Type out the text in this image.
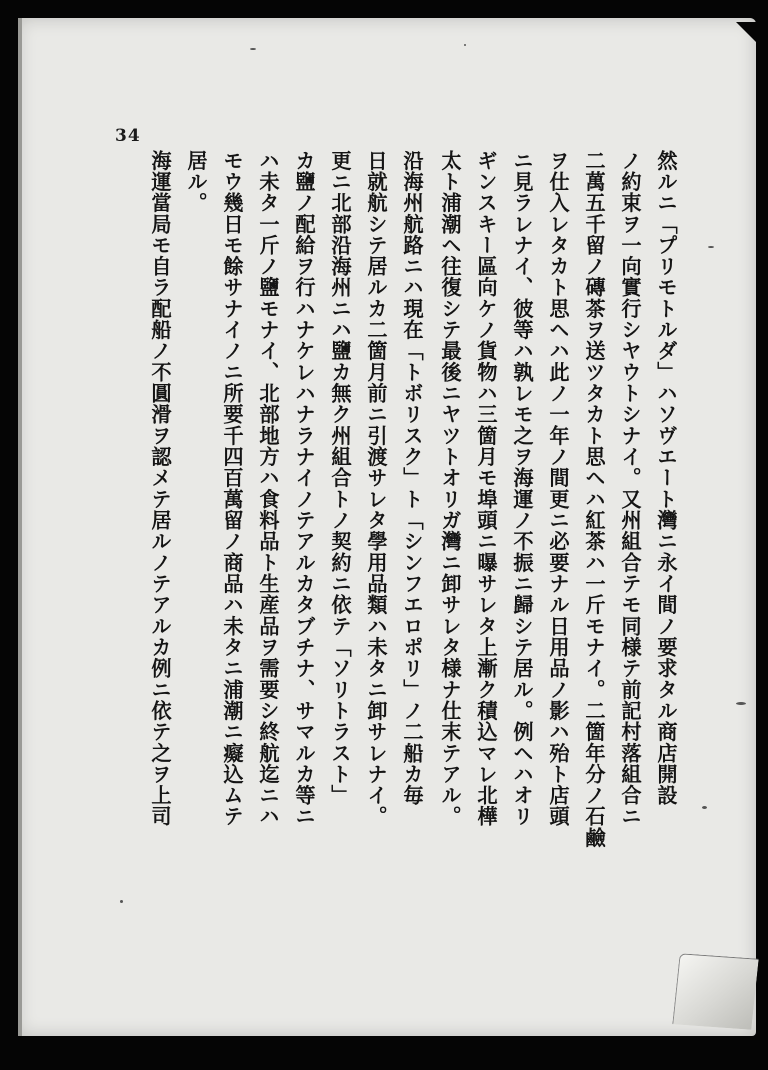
34
然ルニ「プリモトルダ」ハソヴエート灣ニ永イ間ノ要求タル商店開設
ノ約束ヲ一向實行シヤウトシナイ。又州組合テモ同様テ前記村落組合ニ
二萬五千留ノ磚茶ヲ送ツタカト思ヘハ紅茶ハ一斤モナイ。二箇年分ノ石鹼
ヲ仕入レタカト思ヘハ此ノ一年ノ間更ニ必要ナル日用品ノ影ハ殆ト店頭
ニ見ラレナイ、彼等ハ孰レモ之ヲ海運ノ不振ニ歸シテ居ル。例ヘハオリ
ギンスキー區向ケノ貨物ハ三箇月モ埠頭ニ曝サレタ上漸ク積込マレ北樺
太ト浦潮ヘ往復シテ最後ニヤツトオリガ灣ニ卸サレタ様ナ仕末テアル。
沿海州航路ニハ現在「トボリスク」ト「シンフエロポリ」ノ二船カ毎
日就航シテ居ルカ二箇月前ニ引渡サレタ學用品類ハ未タニ卸サレナイ。
更ニ北部沿海州ニハ鹽カ無ク州組合トノ契約ニ依テ「ソリトラスト」
カ鹽ノ配給ヲ行ハナケレハナラナイノテアルカタブチナ、サマルカ等ニ
ハ未タ一斤ノ鹽モナイ、北部地方ハ食料品ト生産品ヲ需要シ終航迄ニハ
モウ幾日モ餘サナイノニ所要千四百萬留ノ商品ハ未タニ浦潮ニ癡込ムテ
居ル。
海運當局モ自ラ配船ノ不圓滑ヲ認メテ居ルノテアルカ例ニ依テ之ヲ上司
